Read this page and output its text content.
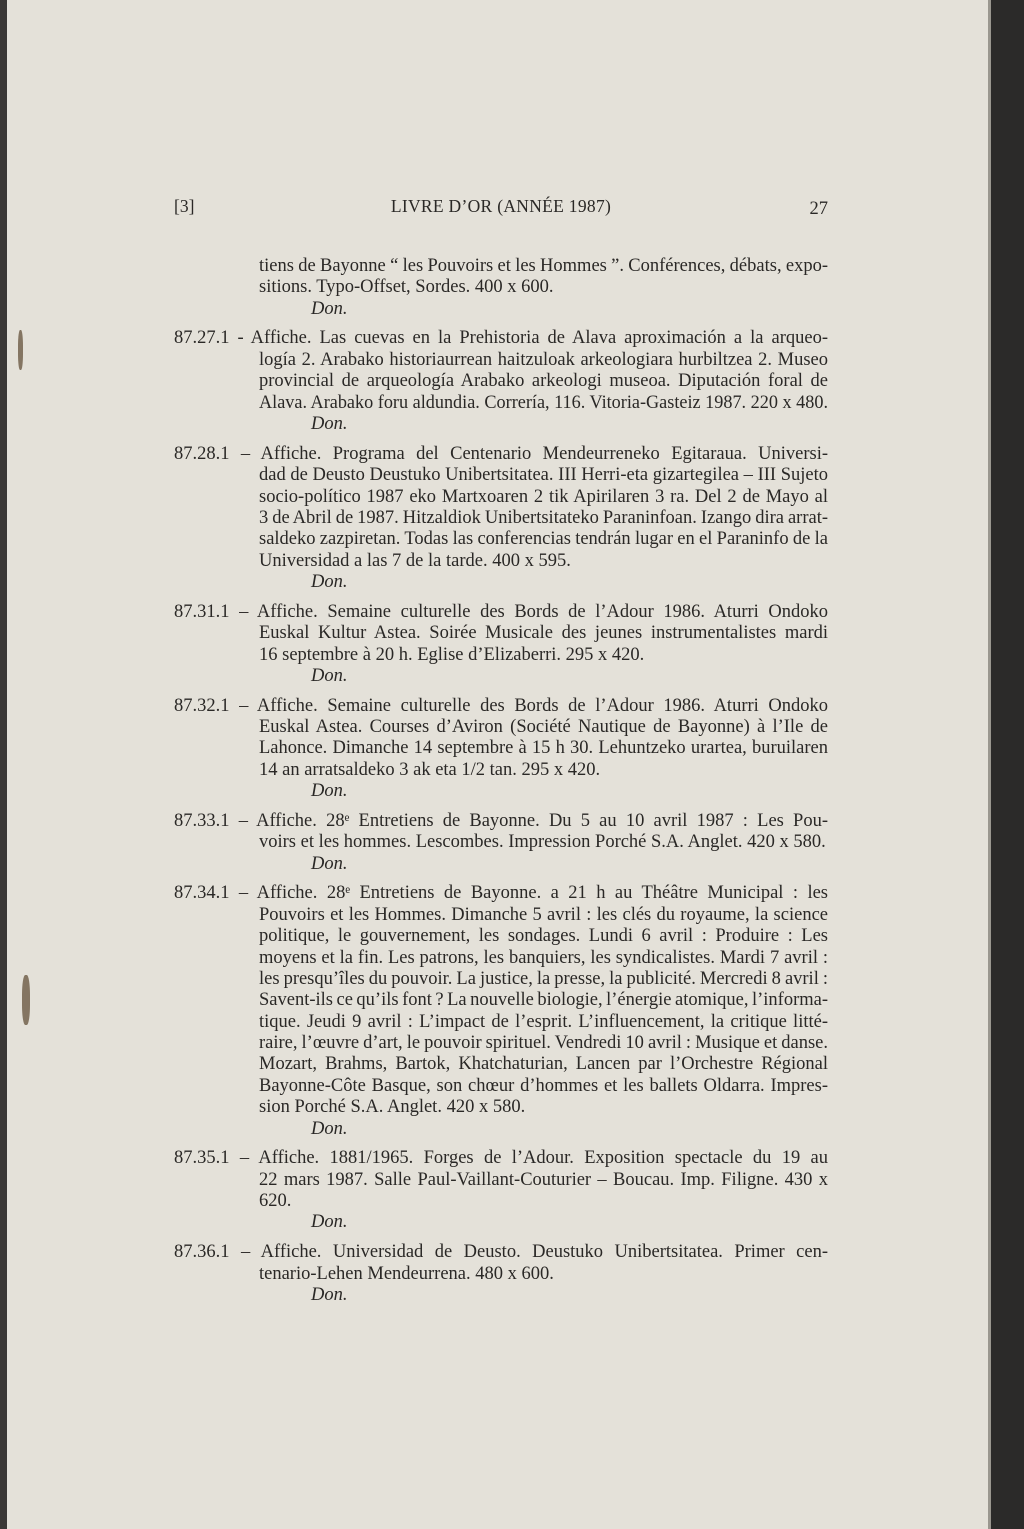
[3]	LIVRE D’OR (ANNÉE 1987)	27
tiens de Bayonne “ les Pouvoirs et les Hommes ”. Conférences, débats, expo-
sitions. Typo-Offset, Sordes. 400 x 600.
Don.
87.27.1 - Affiche. Las cuevas en la Prehistoria de Alava aproximación a la arqueo-
logía 2. Arabako historiaurrean haitzuloak arkeologiara hurbiltzea 2. Museo
provincial de arqueología Arabako arkeologi museoa. Diputación foral de
Alava. Arabako foru aldundia. Correría, 116. Vitoria-Gasteiz 1987. 220 x 480.
Don.
87.28.1 – Affiche. Programa del Centenario Mendeurreneko Egitaraua. Universi-
dad de Deusto Deustuko Unibertsitatea. III Herri-eta gizartegilea – III Sujeto
socio-político 1987 eko Martxoaren 2 tik Apirilaren 3 ra. Del 2 de Mayo al
3 de Abril de 1987. Hitzaldiok Unibertsitateko Paraninfoan. Izango dira arrat-
saldeko zazpiretan. Todas las conferencias tendrán lugar en el Paraninfo de la
Universidad a las 7 de la tarde. 400 x 595.
Don.
87.31.1 – Affiche. Semaine culturelle des Bords de l’Adour 1986. Aturri Ondoko
Euskal Kultur Astea. Soirée Musicale des jeunes instrumentalistes mardi
16 septembre à 20 h. Eglise d’Elizaberri. 295 x 420.
Don.
87.32.1 – Affiche. Semaine culturelle des Bords de l’Adour 1986. Aturri Ondoko
Euskal Astea. Courses d’Aviron (Société Nautique de Bayonne) à l’Ile de
Lahonce. Dimanche 14 septembre à 15 h 30. Lehuntzeko urartea, buruilaren
14 an arratsaldeko 3 ak eta 1/2 tan. 295 x 420.
Don.
87.33.1 – Affiche. 28ᵉ Entretiens de Bayonne. Du 5 au 10 avril 1987 : Les Pou-
voirs et les hommes. Lescombes. Impression Porché S.A. Anglet. 420 x 580.
Don.
87.34.1 – Affiche. 28ᵉ Entretiens de Bayonne. a 21 h au Théâtre Municipal : les
Pouvoirs et les Hommes. Dimanche 5 avril : les clés du royaume, la science
politique, le gouvernement, les sondages. Lundi 6 avril : Produire : Les
moyens et la fin. Les patrons, les banquiers, les syndicalistes. Mardi 7 avril :
les presqu’îles du pouvoir. La justice, la presse, la publicité. Mercredi 8 avril :
Savent-ils ce qu’ils font ? La nouvelle biologie, l’énergie atomique, l’informa-
tique. Jeudi 9 avril : L’impact de l’esprit. L’influencement, la critique litté-
raire, l’œuvre d’art, le pouvoir spirituel. Vendredi 10 avril : Musique et danse.
Mozart, Brahms, Bartok, Khatchaturian, Lancen par l’Orchestre Régional
Bayonne-Côte Basque, son chœur d’hommes et les ballets Oldarra. Impres-
sion Porché S.A. Anglet. 420 x 580.
Don.
87.35.1 – Affiche. 1881/1965. Forges de l’Adour. Exposition spectacle du 19 au
22 mars 1987. Salle Paul-Vaillant-Couturier – Boucau. Imp. Filigne. 430 x
620.
Don.
87.36.1 – Affiche. Universidad de Deusto. Deustuko Unibertsitatea. Primer cen-
tenario-Lehen Mendeurrena. 480 x 600.
Don.
